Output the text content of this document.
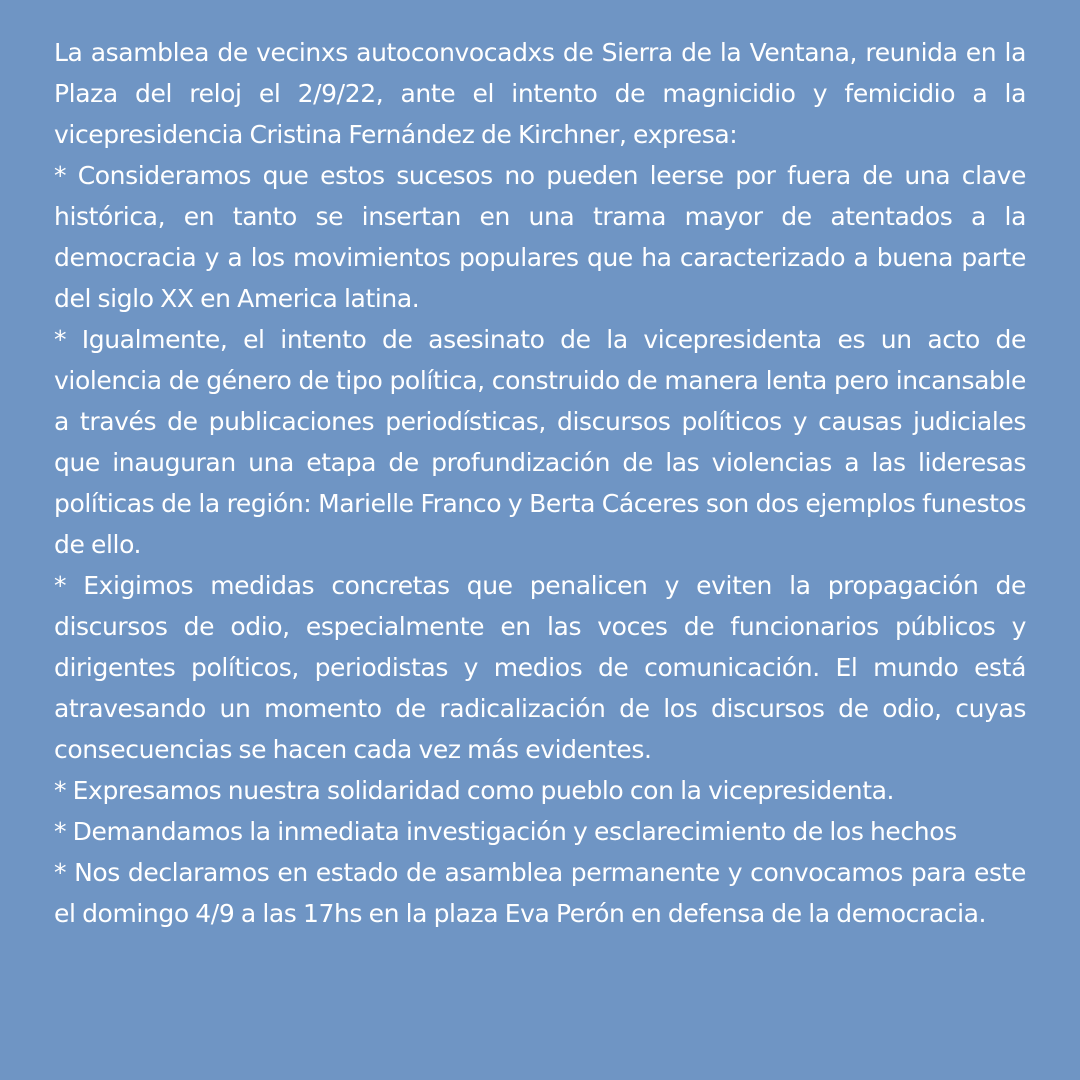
La asamblea de vecinxs autoconvocadxs de Sierra de la Ventana, reunida en la Plaza del reloj el 2/9/22, ante el intento de magnicidio y femicidio a la vicepresidencia Cristina Fernández de Kirchner, expresa:

* Consideramos que estos sucesos no pueden leerse por fuera de una clave histórica, en tanto se insertan en una trama mayor de atentados a la democracia y a los movimientos populares que ha caracterizado a buena parte del siglo XX en America latina.

* Igualmente, el intento de asesinato de la vicepresidenta es un acto de violencia de género de tipo política, construido de manera lenta pero incansable a través de publicaciones periodísticas, discursos políticos y causas judiciales que inauguran una etapa de profundización de las violencias a las lideresas políticas de la región: Marielle Franco y Berta Cáceres son dos ejemplos funestos de ello.

* Exigimos medidas concretas que penalicen y eviten la propagación de discursos de odio, especialmente en las voces de funcionarios públicos y dirigentes políticos, periodistas y medios de comunicación. El mundo está atravesando un momento de radicalización de los discursos de odio, cuyas consecuencias se hacen cada vez más evidentes.

* Expresamos nuestra solidaridad como pueblo con la vicepresidenta.

* Demandamos la inmediata investigación y esclarecimiento de los hechos

* Nos declaramos en estado de asamblea permanente y convocamos para este el domingo 4/9 a las 17hs en la plaza Eva Perón en defensa de la democracia.
